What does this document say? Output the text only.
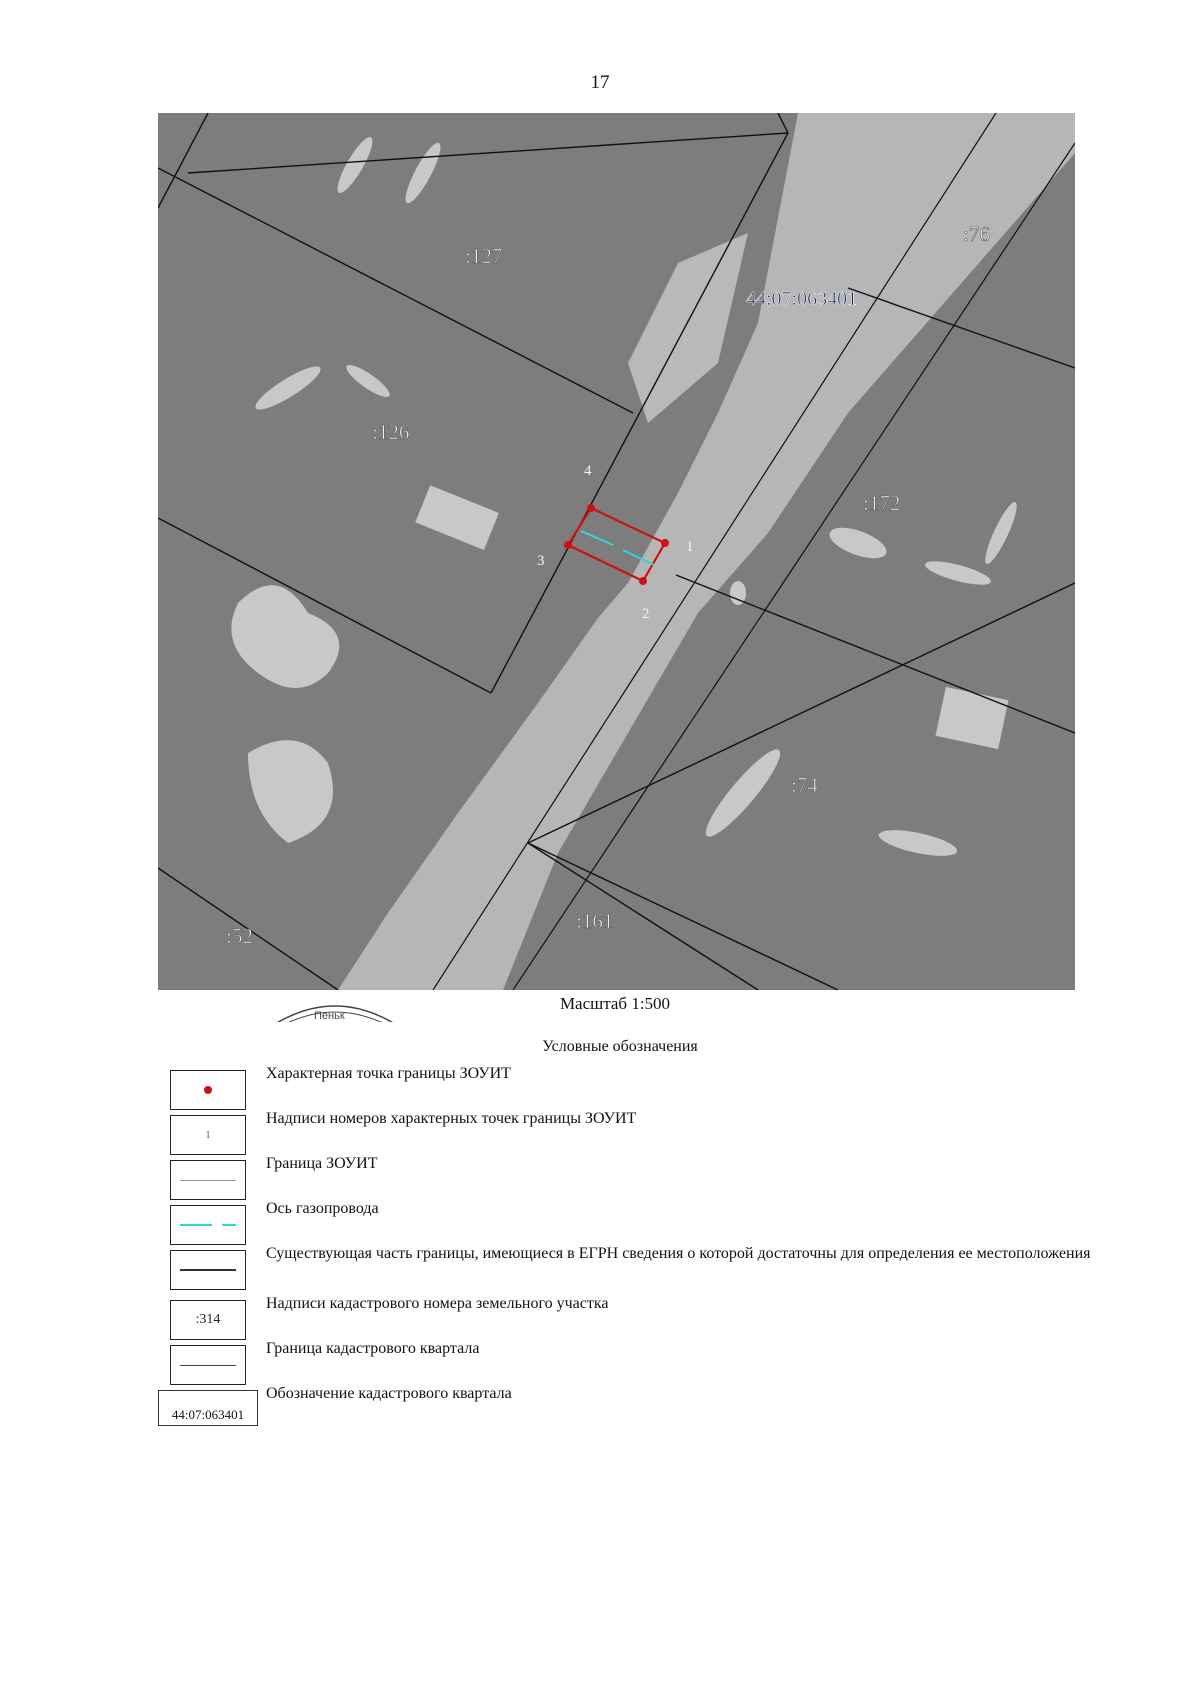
17
1
2
3
4
:127
:126
:76
:172
:74
:161
:52
44:07:063401
Пеньк
Масштаб 1:500
Условные обозначения
Характерная точка границы ЗОУИТ
1
Надписи номеров характерных точек границы ЗОУИТ
Граница ЗОУИТ
Ось газопровода
Существующая часть границы, имеющиеся в ЕГРН сведения о которой достаточны для определения ее местоположения
:314
Надписи кадастрового номера земельного участка
Граница кадастрового квартала
44:07:063401
Обозначение кадастрового квартала
